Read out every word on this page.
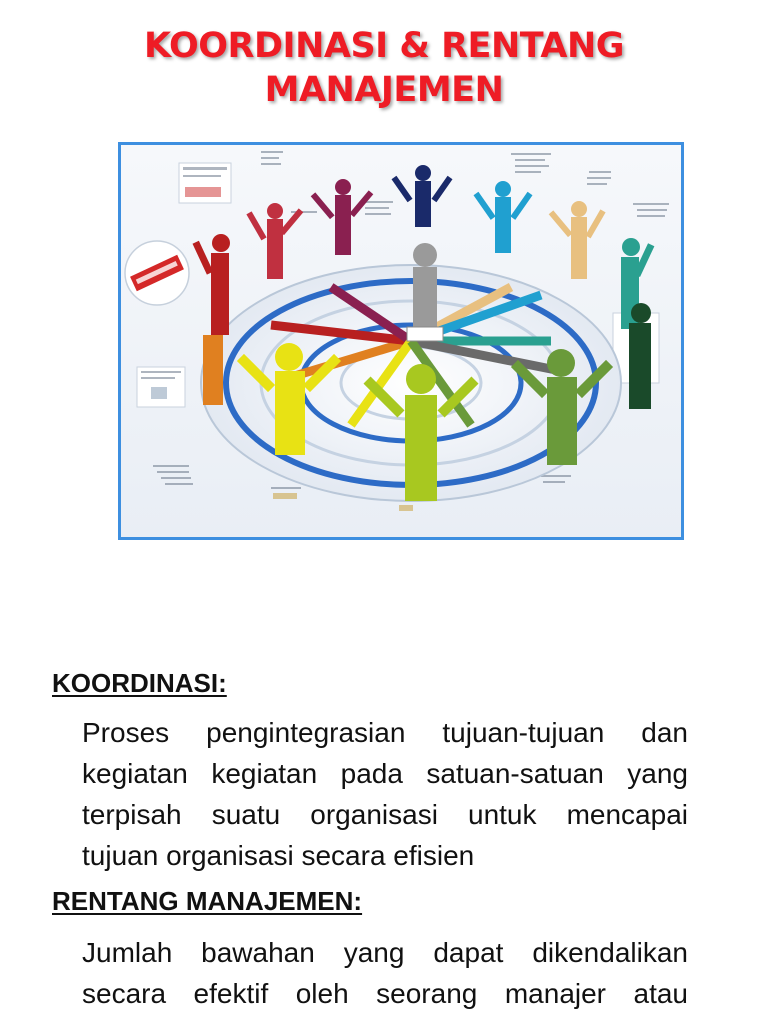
KOORDINASI & RENTANG
MANAJEMEN
KOORDINASI:
Proses pengintegrasian tujuan-tujuan dan
kegiatan kegiatan pada satuan-satuan yang
terpisah suatu organisasi untuk mencapai
tujuan organisasi secara efisien
RENTANG MANAJEMEN:
Jumlah bawahan yang dapat dikendalikan
secara efektif oleh seorang manajer atau
